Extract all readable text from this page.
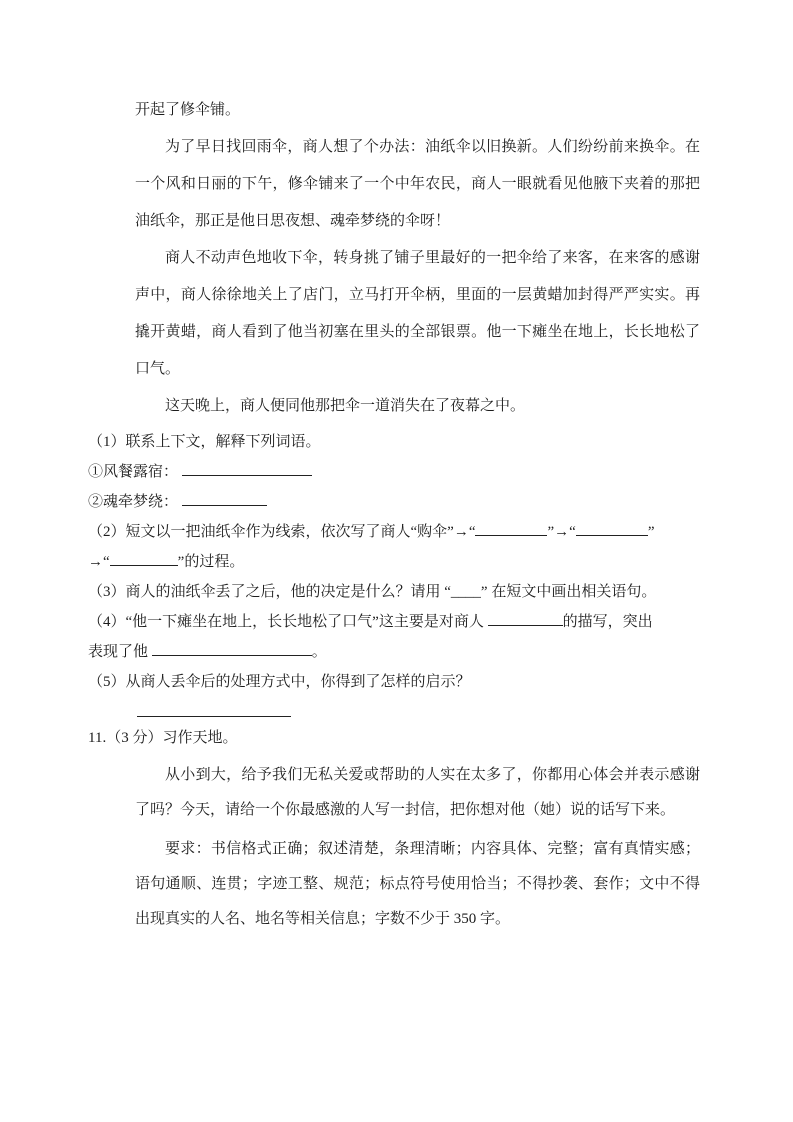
开起了修伞铺。

为了早日找回雨伞，商人想了个办法：油纸伞以旧换新。人们纷纷前来换伞。在一个风和日丽的下午，修伞铺来了一个中年农民，商人一眼就看见他腋下夹着的那把油纸伞，那正是他日思夜想、魂牵梦绕的伞呀！

商人不动声色地收下伞，转身挑了铺子里最好的一把伞给了来客，在来客的感谢声中，商人徐徐地关上了店门，立马打开伞柄，里面的一层黄蜡加封得严严实实。再撬开黄蜡，商人看到了他当初塞在里头的全部银票。他一下瘫坐在地上，长长地松了口气。

这天晚上，商人便同他那把伞一道消失在了夜幕之中。

（1）联系上下文，解释下列词语。

①风餐露宿：

②魂牵梦绕：

（2）短文以一把油纸伞作为线索，依次写了商人“购伞”→“	”→“	”
→“	”的过程。

（3）商人的油纸伞丢了之后，他的决定是什么？请用 “____” 在短文中画出相关语句。

（4）“他一下瘫坐在地上，长长地松了口气”这主要是对商人	的描写，突出
表现了他	。

（5）从商人丢伞后的处理方式中，你得到了怎样的启示？

11.（3 分）习作天地。

从小到大，给予我们无私关爱或帮助的人实在太多了，你都用心体会并表示感谢了吗？今天，请给一个你最感激的人写一封信，把你想对他（她）说的话写下来。

要求：书信格式正确；叙述清楚，条理清晰；内容具体、完整；富有真情实感；语句通顺、连贯；字迹工整、规范；标点符号使用恰当；不得抄袭、套作；文中不得出现真实的人名、地名等相关信息；字数不少于 350 字。
